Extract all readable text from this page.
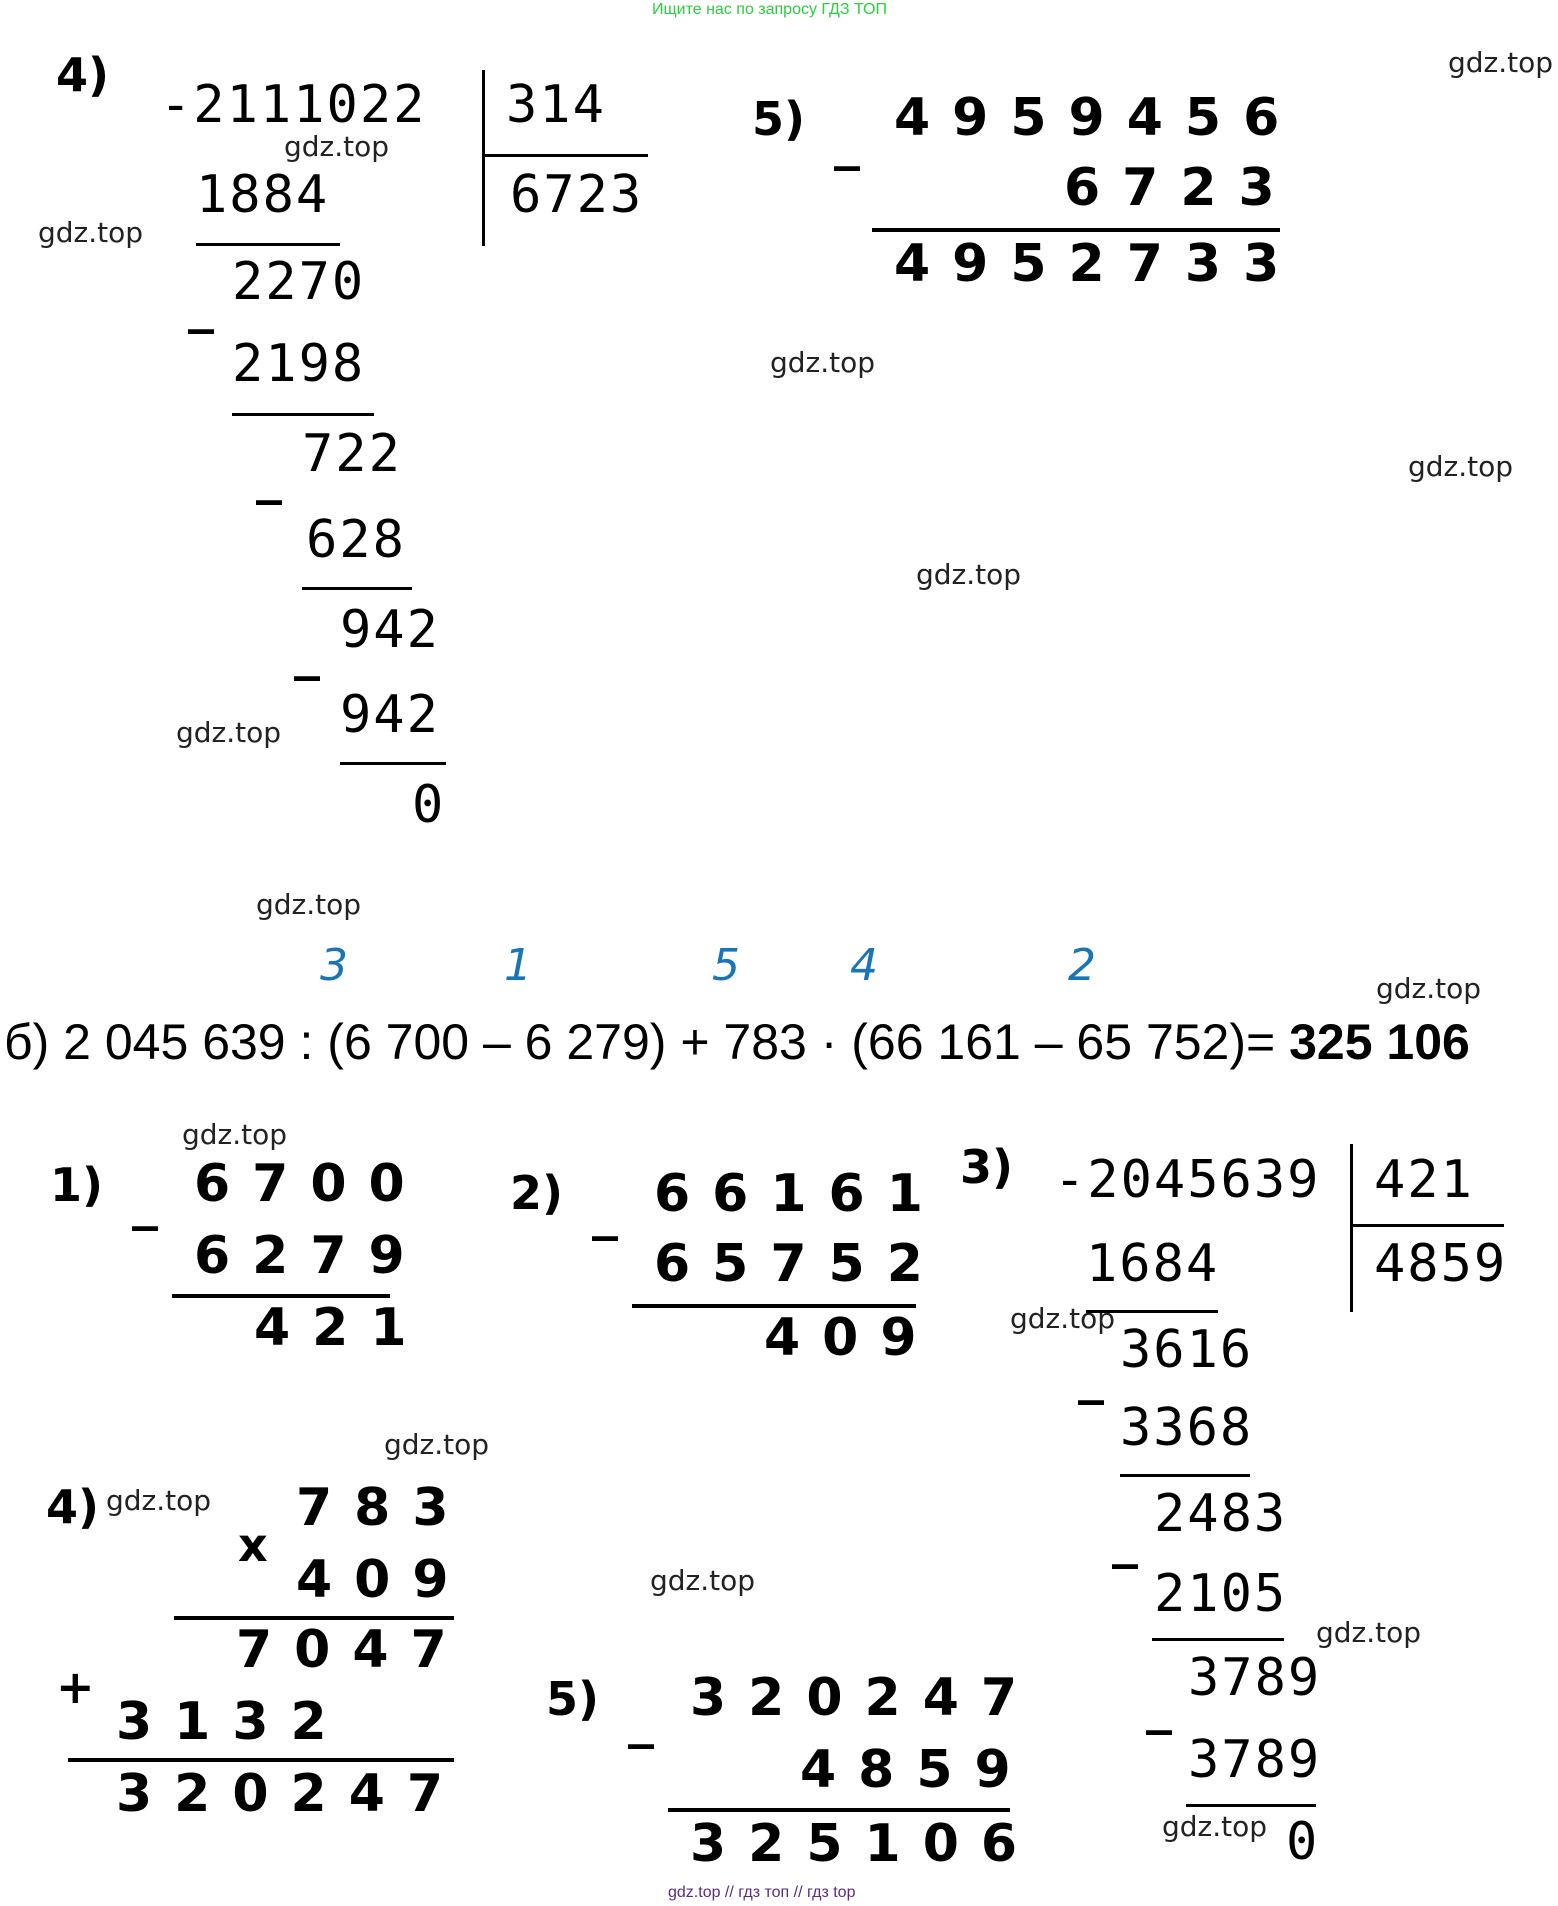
Ищите нас по запросу ГДЗ ТОП
gdz.top // гдз топ // гдз top
4) -2111022 314
6723
1884
_ 2270
2198
_ 722
628
_ 942
942
0
5) _ 4959456
6723
4952733
3	1	5	4	2
б) 2 045 639 : (6 700 – 6 279) + 783 · (66 161 – 65 752)= 325 106
1) _ 6700
6279
421
2) _ 66161
65752
409
3) -2045639 421
4859
1684
_ 3616
3368
_ 2483
2105
_ 3789
3789
0
4)
x
783
409
7047
+
3132
320247
5) _ 320247
4859
325106
gdz.top
gdz.top
gdz.top
gdz.top
gdz.top
gdz.top
gdz.top
gdz.top
gdz.top
gdz.top
gdz.top
gdz.top
gdz.top
gdz.top
gdz.top
gdz.top
